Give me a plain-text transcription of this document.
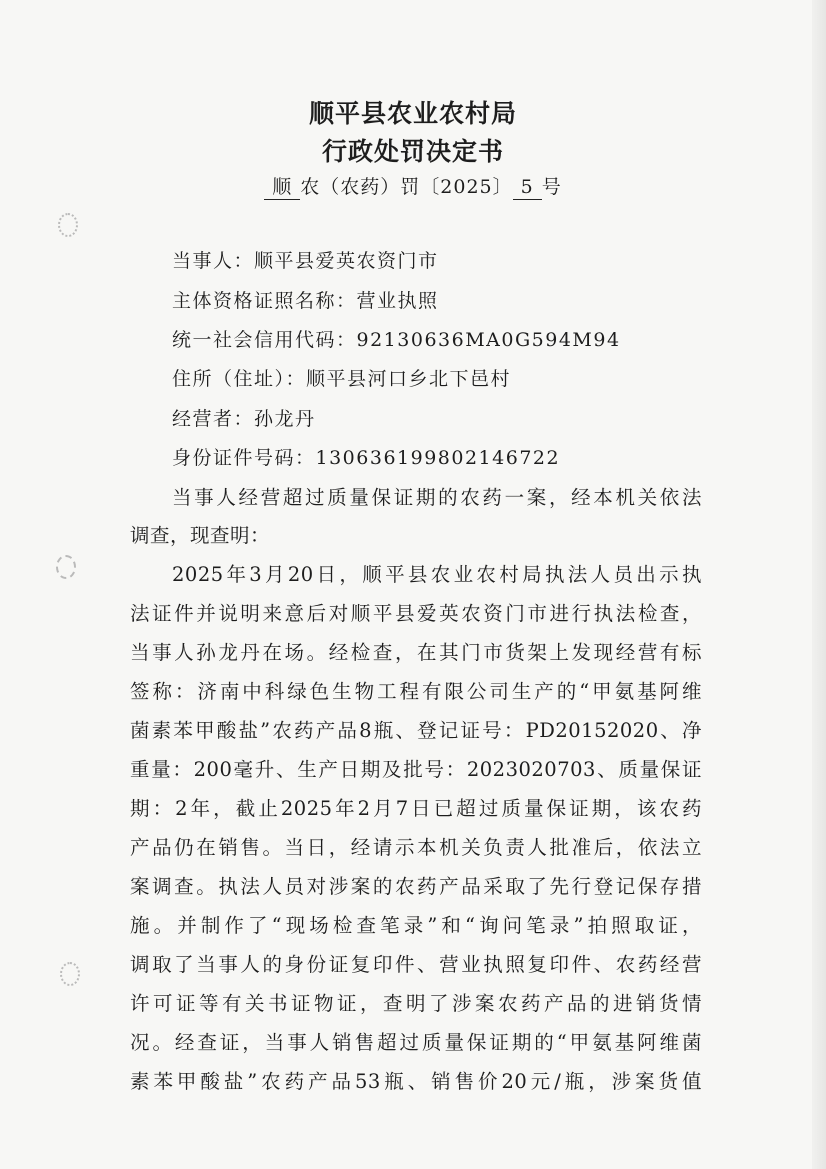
顺平县农业农村局
行政处罚决定书
顺 农（农药）罚〔2025〕 5 号
当事人：顺平县爱英农资门市
主体资格证照名称：营业执照
统一社会信用代码：92130636MA0G594M94
住所（住址）：顺平县河口乡北下邑村
经营者：孙龙丹
身份证件号码：130636199802146722
当事人经营超过质量保证期的农药一案，经本机关依法
调查，现查明：
2025年3月20日，顺平县农业农村局执法人员出示执
法证件并说明来意后对顺平县爱英农资门市进行执法检查，
当事人孙龙丹在场。经检查，在其门市货架上发现经营有标
签称：济南中科绿色生物工程有限公司生产的“甲氨基阿维
菌素苯甲酸盐”农药产品8瓶、登记证号：PD20152020、净
重量：200毫升、生产日期及批号：2023020703、质量保证
期：2年，截止2025年2月7日已超过质量保证期，该农药
产品仍在销售。当日，经请示本机关负责人批准后，依法立
案调查。执法人员对涉案的农药产品采取了先行登记保存措
施。并制作了“现场检查笔录”和“询问笔录”拍照取证，
调取了当事人的身份证复印件、营业执照复印件、农药经营
许可证等有关书证物证，查明了涉案农药产品的进销货情
况。经查证，当事人销售超过质量保证期的“甲氨基阿维菌
素苯甲酸盐”农药产品53瓶、销售价20元/瓶，涉案货值
